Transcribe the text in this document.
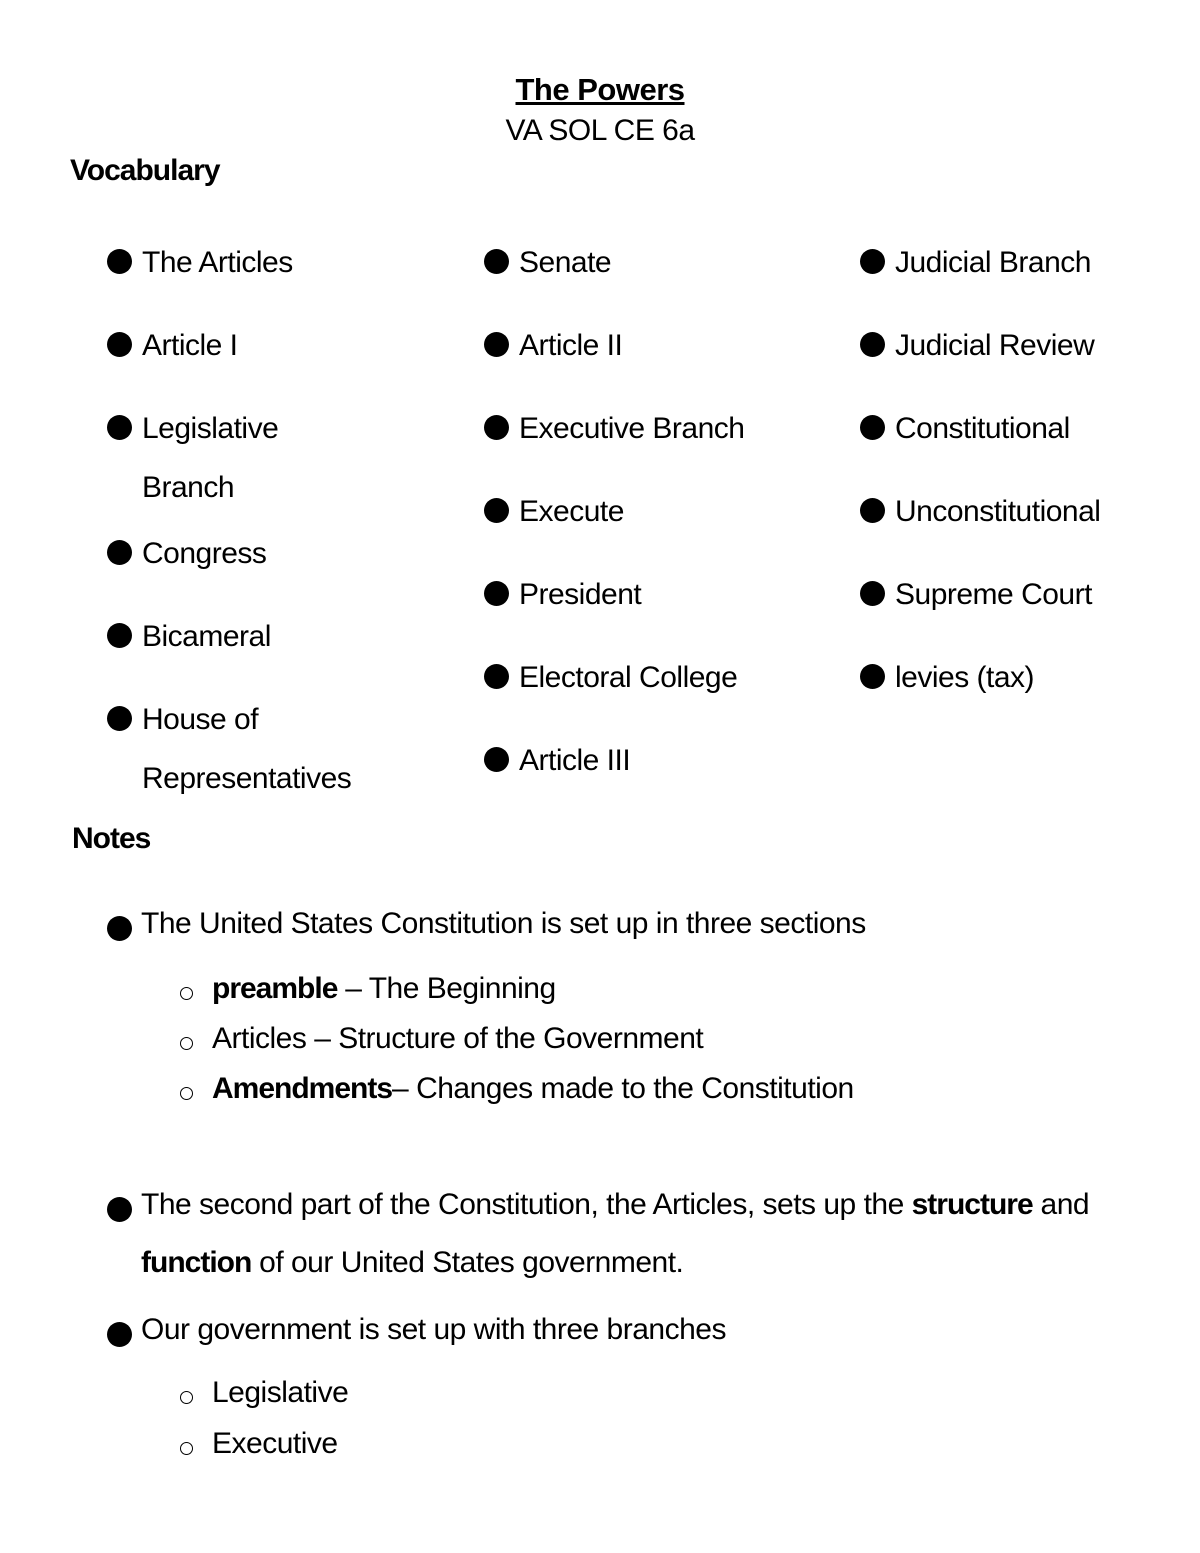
The Powers
VA SOL CE 6a
Vocabulary
The Articles
Article I
Legislative
Branch
Congress
Bicameral
House of
Representatives
Senate
Article II
Executive Branch
Execute
President
Electoral College
Article III
Judicial Branch
Judicial Review
Constitutional
Unconstitutional
Supreme Court
levies (tax)
Notes
The United States Constitution is set up in three sections
preamble – The Beginning
Articles – Structure of the Government
Amendments– Changes made to the Constitution
The second part of the Constitution, the Articles, sets up the structure and
function of our United States government.
Our government is set up with three branches
Legislative
Executive
